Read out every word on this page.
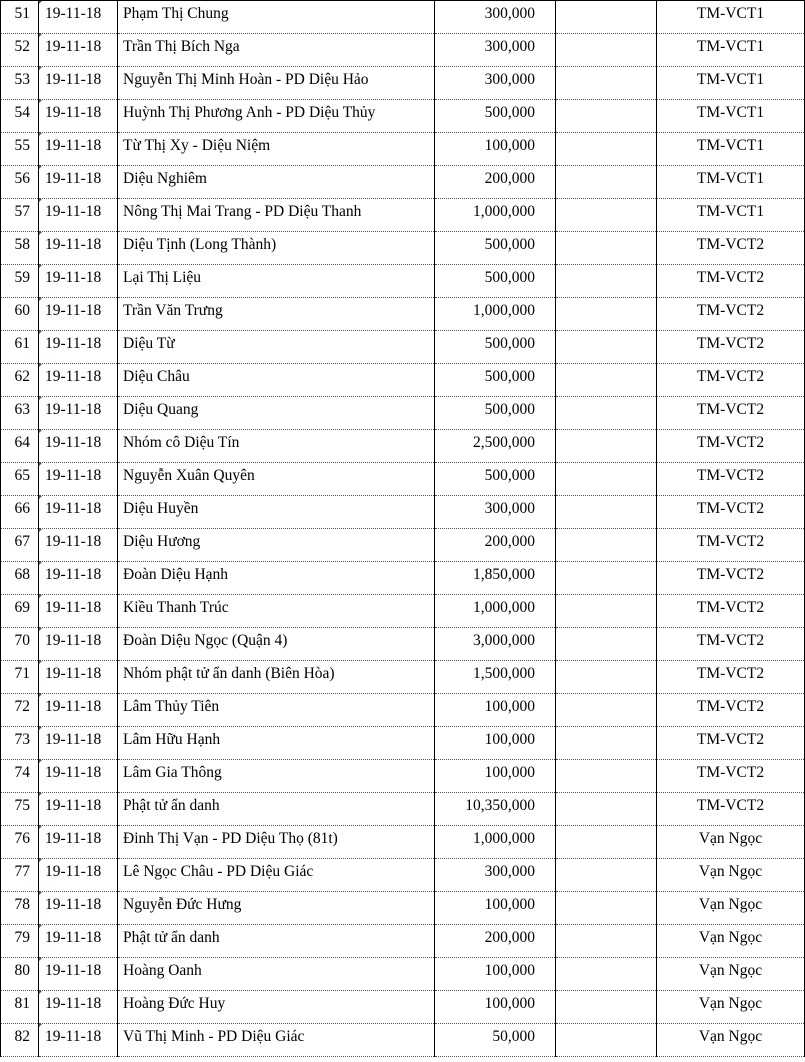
51	19-11-18	Phạm Thị Chung	300,000		TM-VCT1
52	19-11-18	Trần Thị Bích Nga	300,000		TM-VCT1
53	19-11-18	Nguyễn Thị Minh Hoàn - PD Diệu Hảo	300,000		TM-VCT1
54	19-11-18	Huỳnh Thị Phương Anh - PD Diệu Thủy	500,000		TM-VCT1
55	19-11-18	Từ Thị Xy - Diệu Niệm	100,000		TM-VCT1
56	19-11-18	Diệu Nghiêm	200,000		TM-VCT1
57	19-11-18	Nông Thị Mai Trang - PD Diệu Thanh	1,000,000		TM-VCT1
58	19-11-18	Diệu Tịnh (Long Thành)	500,000		TM-VCT2
59	19-11-18	Lại Thị Liệu	500,000		TM-VCT2
60	19-11-18	Trần Văn Trưng	1,000,000		TM-VCT2
61	19-11-18	Diệu Từ	500,000		TM-VCT2
62	19-11-18	Diệu Châu	500,000		TM-VCT2
63	19-11-18	Diệu Quang	500,000		TM-VCT2
64	19-11-18	Nhóm cô Diệu Tín	2,500,000		TM-VCT2
65	19-11-18	Nguyễn Xuân Quyên	500,000		TM-VCT2
66	19-11-18	Diệu Huyền	300,000		TM-VCT2
67	19-11-18	Diệu Hương	200,000		TM-VCT2
68	19-11-18	Đoàn Diệu Hạnh	1,850,000		TM-VCT2
69	19-11-18	Kiều Thanh Trúc	1,000,000		TM-VCT2
70	19-11-18	Đoàn Diệu Ngọc (Quận 4)	3,000,000		TM-VCT2
71	19-11-18	Nhóm phật tử ẩn danh (Biên Hòa)	1,500,000		TM-VCT2
72	19-11-18	Lâm Thủy Tiên	100,000		TM-VCT2
73	19-11-18	Lâm Hữu Hạnh	100,000		TM-VCT2
74	19-11-18	Lâm Gia Thông	100,000		TM-VCT2
75	19-11-18	Phật tử ẩn danh	10,350,000		TM-VCT2
76	19-11-18	Đinh Thị Vạn - PD Diệu Thọ (81t)	1,000,000		Vạn Ngọc
77	19-11-18	Lê Ngọc Châu - PD Diệu Giác	300,000		Vạn Ngọc
78	19-11-18	Nguyễn Đức Hưng	100,000		Vạn Ngọc
79	19-11-18	Phật tử ẩn danh	200,000		Vạn Ngọc
80	19-11-18	Hoàng Oanh	100,000		Vạn Ngọc
81	19-11-18	Hoàng Đức Huy	100,000		Vạn Ngọc
82	19-11-18	Vũ Thị Minh - PD Diệu Giác	50,000		Vạn Ngọc
